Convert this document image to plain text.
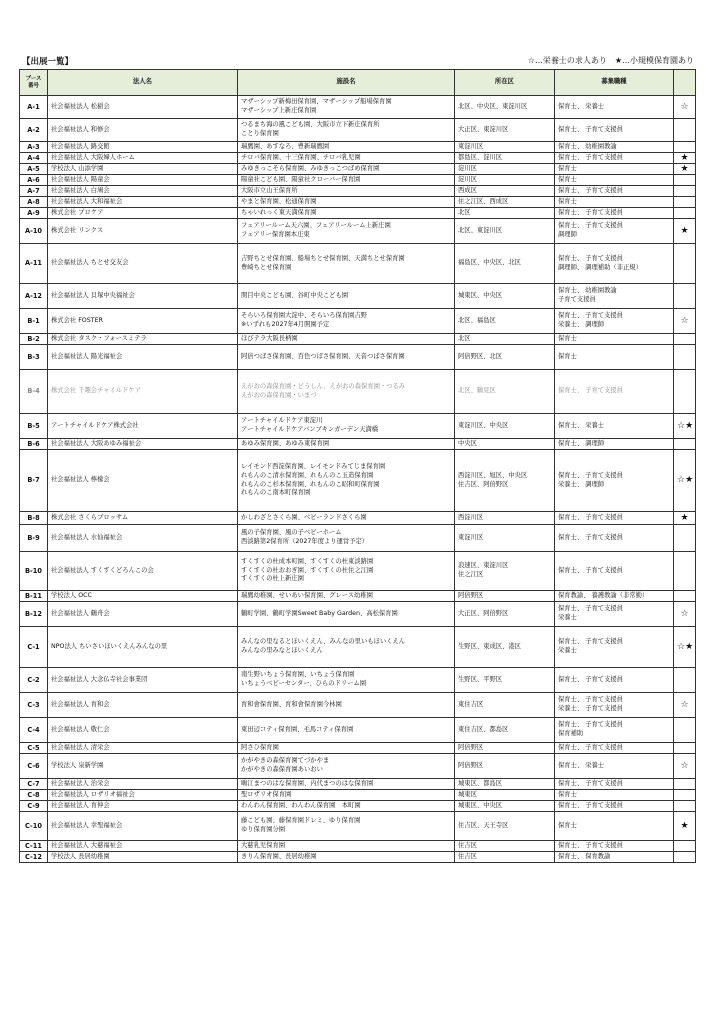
【出展一覧】	☆…栄養士の求人あり　★…小規模保育園あり
ブース
番号	法人名	施設名	所在区	募集職種	
A-1	社会福祉法人 松稲会	マザーシップ新梅田保育園、マザーシップ船場保育園
マザーシップ上新庄保育園	北区、中央区、東淀川区	保育士、 栄養士	☆
A-2	社会福祉法人 和修会	つるまち海の風こども園、大阪市立下新庄保育所
ことり保育園	大正区、東淀川区	保育士、 子育て支援員	
A-3	社会福祉法人 路交館	瑞鷹園、あすなろ、豊新瑞鷹園	東淀川区	保育士、 幼稚園教諭	
A-4	社会福祉法人 大阪婦人ホーム	チロバ保育園、十三保育園、チロバ乳児園	都島区、淀川区	保育士、 子育て支援員	★
A-5	学校法人 山添学園	みゆきっこそら保育園、みゆきっこつばめ保育園	淀川区	保育士	★
A-6	社会福祉法人 陽童会	陽童社こども園、陽童社クローバー保育園	淀川区	保育士	
A-7	社会福祉法人 白鳩会	大阪市立山王保育所	西成区	保育士、 子育て支援員	
A-8	社会福祉法人 大和福祉会	やまと保育園、松通保育園	住之江区、西成区	保育士	
A-9	株式会社 プロケア	ちゃいれっく東天満保育園	北区	保育士、 子育て支援員	
A-10	株式会社 リンクス	フェアリールーム天六園、フェアリールーム上新庄園
フェアリー保育園本庄東	北区、東淀川区	保育士、 子育て支援員
調理師	★
A-11	社会福祉法人 ちとせ交友会	吉野ちとせ保育園、船場ちとせ保育園、天満ちとせ保育園
豊崎ちとせ保育園	福島区、中央区、北区	保育士、 子育て支援員
調理師、 調理補助（非正規）	
A-12	社会福祉法人 貝塚中央福祉会	関目中央こども園、谷町中央こども園	城東区、中央区	保育士、 幼稚園教諭
子育て支援員	
B-1	株式会社 FOSTER	そらいろ保育園大淀中、そらいろ保育園吉野
※いずれも2027年4月開園予定	北区、福島区	保育士、 子育て支援員
栄養士、 調理師	☆
B-2	株式会社 タスク・フォースミテラ	ほびテラ大阪長柄園	北区	保育士	
B-3	社会福祉法人 陽光福祉会	阿倍つばさ保育園、百色つばさ保育園、天音つばさ保育園	阿倍野区、北区	保育士	
B-4	株式会社 千趣会チャイルドケア	えがおの森保育園・どうしん、えがおの森保育園・つるみ
えがおの森保育園・いまづ	北区、鶴見区	保育士、 子育て支援員	
B-5	アートチャイルドケア株式会社	アートチャイルドケア東淀川
アートチャイルドケアバンブキンガーデン天満橋	東淀川区、中央区	保育士、 栄養士	☆★
B-6	社会福祉法人 大阪あゆみ福祉会	あゆみ保育園、あゆみ東保育園	中央区	保育士、 調理師	
B-7	社会福祉法人 檸檬会	レイモンド西淀保育園、レイモンドみてじま保育園
れもんのこ清水保育園、れもんのこ玉造保育園
れもんのこ杉本保育園、れもんのこ昭和町保育園
れもんのこ南本町保育園	西淀川区、旭区、中央区
住吉区、阿倍野区	保育士、 子育て支援員
栄養士、 調理師	☆★
B-8	株式会社 さくらブロッサム	かしわざとさくら園、ベビーランドさくら園	西淀川区	保育士、 子育て支援員	★
B-9	社会福祉法人 水仙福祉会	風の子保育園、風の子ベビーホーム
西淡路第2保育所（2027年度より運営予定）	東淀川区	保育士、 子育て支援員	
B-10	社会福祉法人 すくすくどろんこの会	すくすくの杜成本町園、すくすくの杜東淡路園
すくすくの杜おおぎ園、すくすくの杜住之江園
すくすくの杜上新庄園	浪速区、東淀川区
住之江区	保育士、 子育て支援員	
B-11	学校法人 OCC	瑞鷹幼稚園、せいあい保育園、グレース幼稚園	阿倍野区	保育教諭、 養護教諭（非常勤）	
B-12	社会福祉法人 鶴舟会	鶴町学園、鶴町学園Sweet Baby Garden、高松保育園	大正区、阿倍野区	保育士、 子育て支援員
栄養士	☆
C-1	NPO法人 ちいさいほいくえんみんなの里	みんなの里なるとほいくえん、みんなの里いもほいくえん
みんなの里みなとほいくえん	生野区、東成区、港区	保育士、 子育て支援員
栄養士	☆★
C-2	社会福祉法人 大念仏寺社会事業団	南生野いちょう保育園、いちょう保育園
いちょうベビーセンター、ひらのドリーム園	生野区、平野区	保育士、 子育て支援員	
C-3	社会福祉法人 育和会	育和會保育園、育和會保育園今林園	東住吉区	保育士、 子育て支援員
栄養士、 子育て支援員	☆
C-4	社会福祉法人 敬仁会	東田辺コティ保育園、毛馬コティ保育園	東住吉区、都島区	保育士、 子育て支援員
保育補助	
C-5	社会福祉法人 清栄会	阿さひ保育園	阿倍野区	保育士、 子育て支援員	
C-6	学校法人 泉新学園	かがやきの森保育園てづかやま
かがやきの森保育園あいおい	阿倍野区	保育士、 栄養士	☆
C-7	社会福祉法人 治栄会	鴫江まつのはな保育園、内代まつのはな保育園	城東区、都島区	保育士、 子育て支援員	
C-8	社会福祉法人 ロザリオ福祉会	聖ロザリオ保育園	城東区	保育士	
C-9	社会福祉法人 育伸会	わんわん保育園、わんわん保育園　本町園	城東区、中央区	保育士、 子育て支援員	
C-10	社会福祉法人 幸聖福祉会	藤こども園、藤保育園ドレミ、ゆり保育園
ゆり保育園分園	住吉区、天王寺区	保育士	★
C-11	社会福祉法人 大慈福祉会	大慈乳児保育園	住吉区	保育士、 子育て支援員	
C-12	学校法人 長居幼稚園	きりん保育園、長居幼稚園	住吉区	保育士、 保育教諭	
